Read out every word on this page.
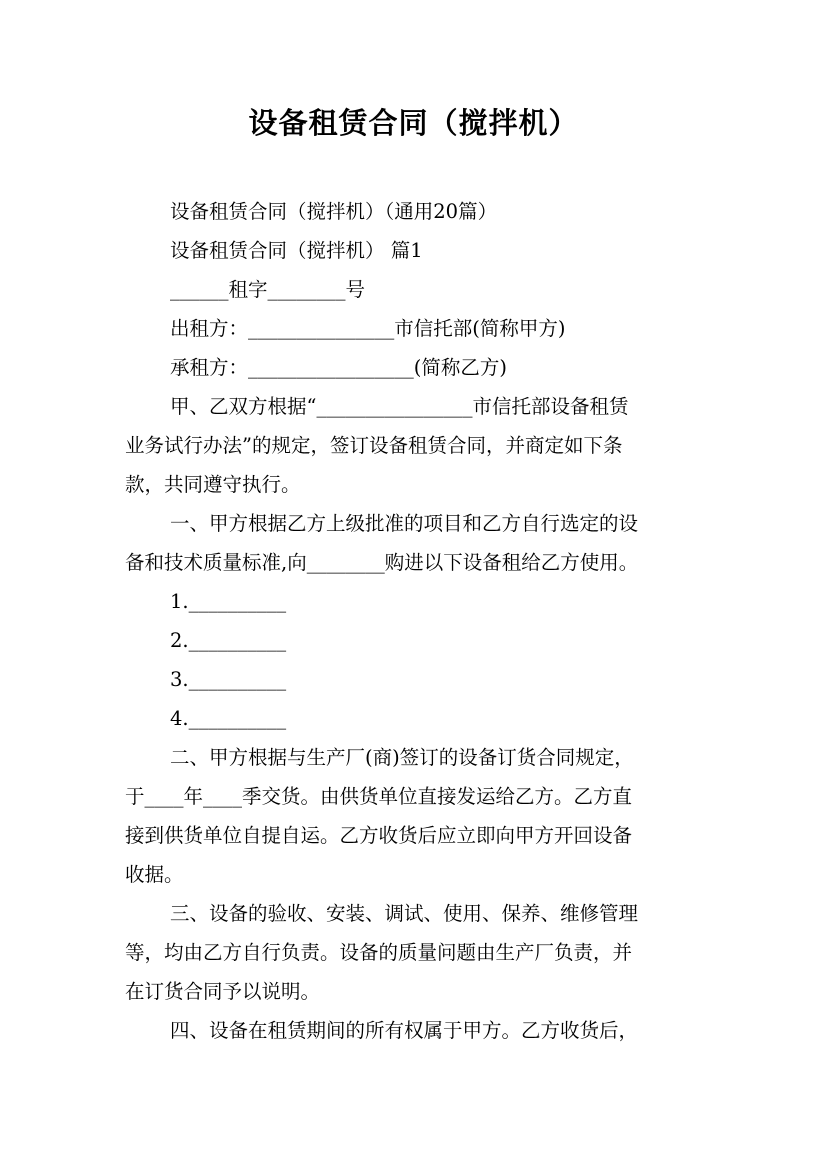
设备租赁合同（搅拌机）
设备租赁合同（搅拌机）（通用20篇）
设备租赁合同（搅拌机） 篇1
______租字________号
出租方：_______________市信托部(简称甲方)
承租方：_________________(简称乙方)
甲、乙双方根据“________________市信托部设备租赁
业务试行办法”的规定，签订设备租赁合同，并商定如下条
款，共同遵守执行。
一、甲方根据乙方上级批准的项目和乙方自行选定的设
备和技术质量标准,向________购进以下设备租给乙方使用。
1.__________
2.__________
3.__________
4.__________
二、甲方根据与生产厂(商)签订的设备订货合同规定，
于____年____季交货。由供货单位直接发运给乙方。乙方直
接到供货单位自提自运。乙方收货后应立即向甲方开回设备
收据。
三、设备的验收、安装、调试、使用、保养、维修管理
等，均由乙方自行负责。设备的质量问题由生产厂负责，并
在订货合同予以说明。
四、设备在租赁期间的所有权属于甲方。乙方收货后，
